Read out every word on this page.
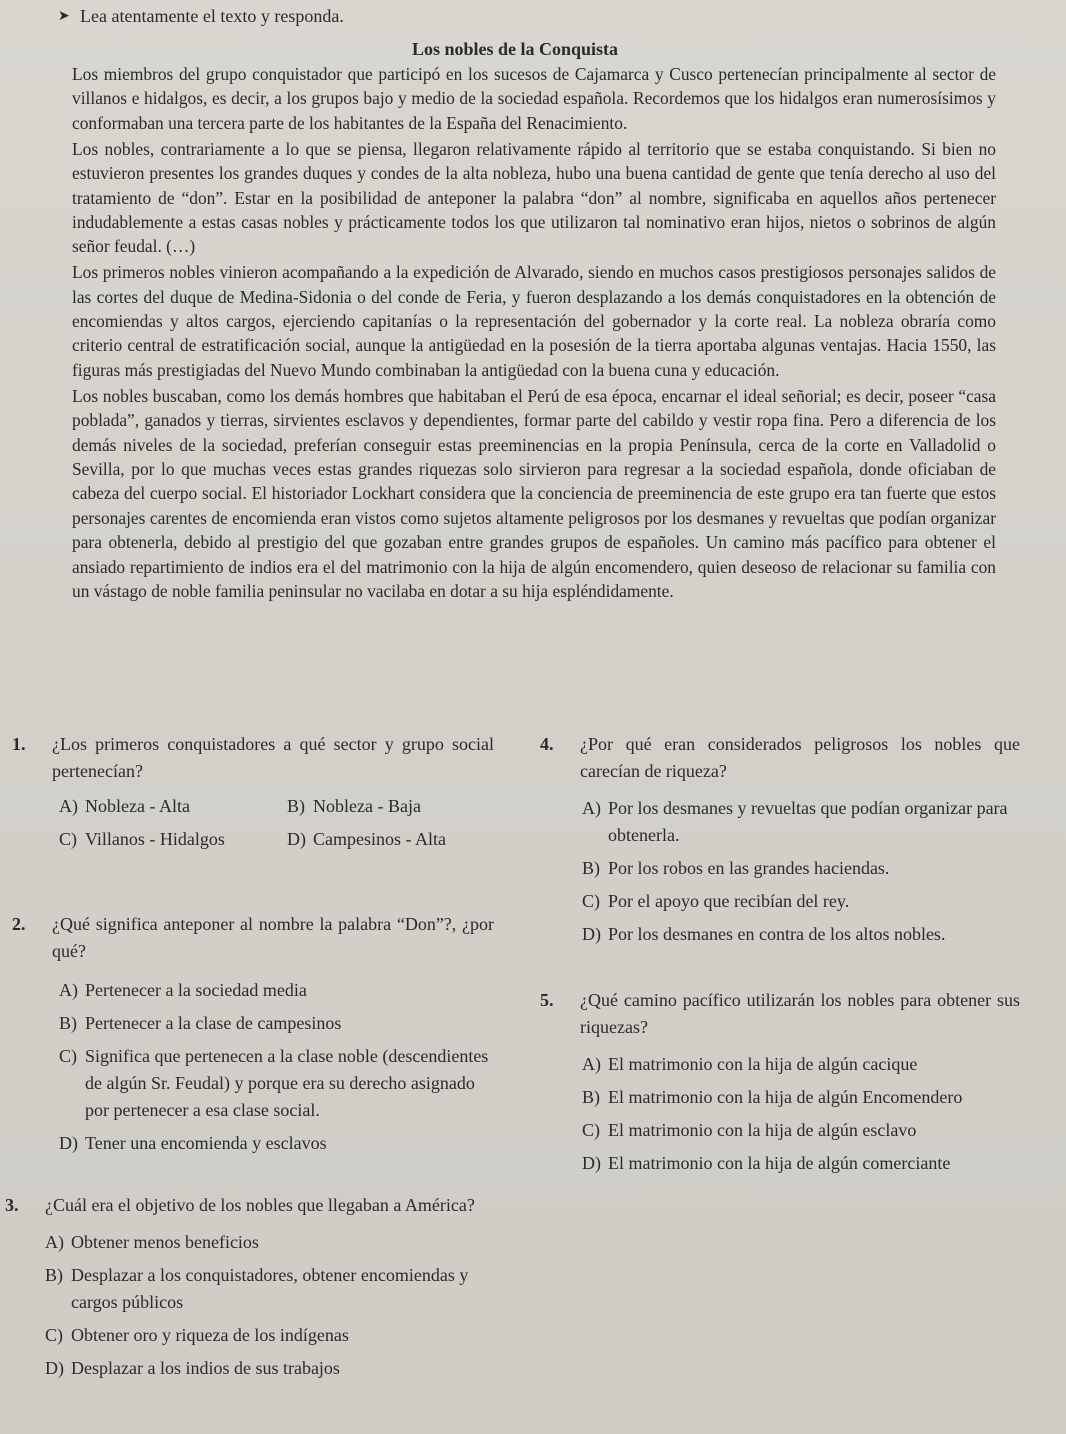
➤ Lea atentamente el texto y responda.
Los nobles de la Conquista

Los miembros del grupo conquistador que participó en los sucesos de Cajamarca y Cusco pertenecían principalmente al sector de villanos e hidalgos, es decir, a los grupos bajo y medio de la sociedad española. Recordemos que los hidalgos eran numerosísimos y conformaban una tercera parte de los habitantes de la España del Renacimiento.

Los nobles, contrariamente a lo que se piensa, llegaron relativamente rápido al territorio que se estaba conquistando. Si bien no estuvieron presentes los grandes duques y condes de la alta nobleza, hubo una buena cantidad de gente que tenía derecho al uso del tratamiento de “don”. Estar en la posibilidad de anteponer la palabra “don” al nombre, significaba en aquellos años pertenecer indudablemente a estas casas nobles y prácticamente todos los que utilizaron tal nominativo eran hijos, nietos o sobrinos de algún señor feudal. (…)

Los primeros nobles vinieron acompañando a la expedición de Alvarado, siendo en muchos casos prestigiosos personajes salidos de las cortes del duque de Medina-Sidonia o del conde de Feria, y fueron desplazando a los demás conquistadores en la obtención de encomiendas y altos cargos, ejerciendo capitanías o la representación del gobernador y la corte real. La nobleza obraría como criterio central de estratificación social, aunque la antigüedad en la posesión de la tierra aportaba algunas ventajas. Hacia 1550, las figuras más prestigiadas del Nuevo Mundo combinaban la antigüedad con la buena cuna y educación.

Los nobles buscaban, como los demás hombres que habitaban el Perú de esa época, encarnar el ideal señorial; es decir, poseer “casa poblada”, ganados y tierras, sirvientes esclavos y dependientes, formar parte del cabildo y vestir ropa fina. Pero a diferencia de los demás niveles de la sociedad, preferían conseguir estas preeminencias en la propia Península, cerca de la corte en Valladolid o Sevilla, por lo que muchas veces estas grandes riquezas solo sirvieron para regresar a la sociedad española, donde oficiaban de cabeza del cuerpo social. El historiador Lockhart considera que la conciencia de preeminencia de este grupo era tan fuerte que estos personajes carentes de encomienda eran vistos como sujetos altamente peligrosos por los desmanes y revueltas que podían organizar para obtenerla, debido al prestigio del que gozaban entre grandes grupos de españoles. Un camino más pacífico para obtener el ansiado repartimiento de indios era el del matrimonio con la hija de algún encomendero, quien deseoso de relacionar su familia con un vástago de noble familia peninsular no vacilaba en dotar a su hija espléndidamente.

1.	¿Los primeros conquistadores a qué sector y grupo social pertenecían?
A) Nobleza - Alta	B) Nobleza - Baja
C) Villanos - Hidalgos	D) Campesinos - Alta
2.	¿Qué significa anteponer al nombre la palabra “Don”?, ¿por qué?
A) Pertenecer a la sociedad media
B) Pertenecer a la clase de campesinos
C) Significa que pertenecen a la clase noble (descendientes de algún Sr. Feudal) y porque era su derecho asignado por pertenecer a esa clase social.
D) Tener una encomienda y esclavos
3.	¿Cuál era el objetivo de los nobles que llegaban a América?
A) Obtener menos beneficios
B) Desplazar a los conquistadores, obtener encomiendas y cargos públicos
C) Obtener oro y riqueza de los indígenas
D) Desplazar a los indios de sus trabajos
4.	¿Por qué eran considerados peligrosos los nobles que carecían de riqueza?
A) Por los desmanes y revueltas que podían organizar para obtenerla.
B) Por los robos en las grandes haciendas.
C) Por el apoyo que recibían del rey.
D) Por los desmanes en contra de los altos nobles.
5.	¿Qué camino pacífico utilizarán los nobles para obtener sus riquezas?
A) El matrimonio con la hija de algún cacique
B) El matrimonio con la hija de algún Encomendero
C) El matrimonio con la hija de algún esclavo
D) El matrimonio con la hija de algún comerciante
